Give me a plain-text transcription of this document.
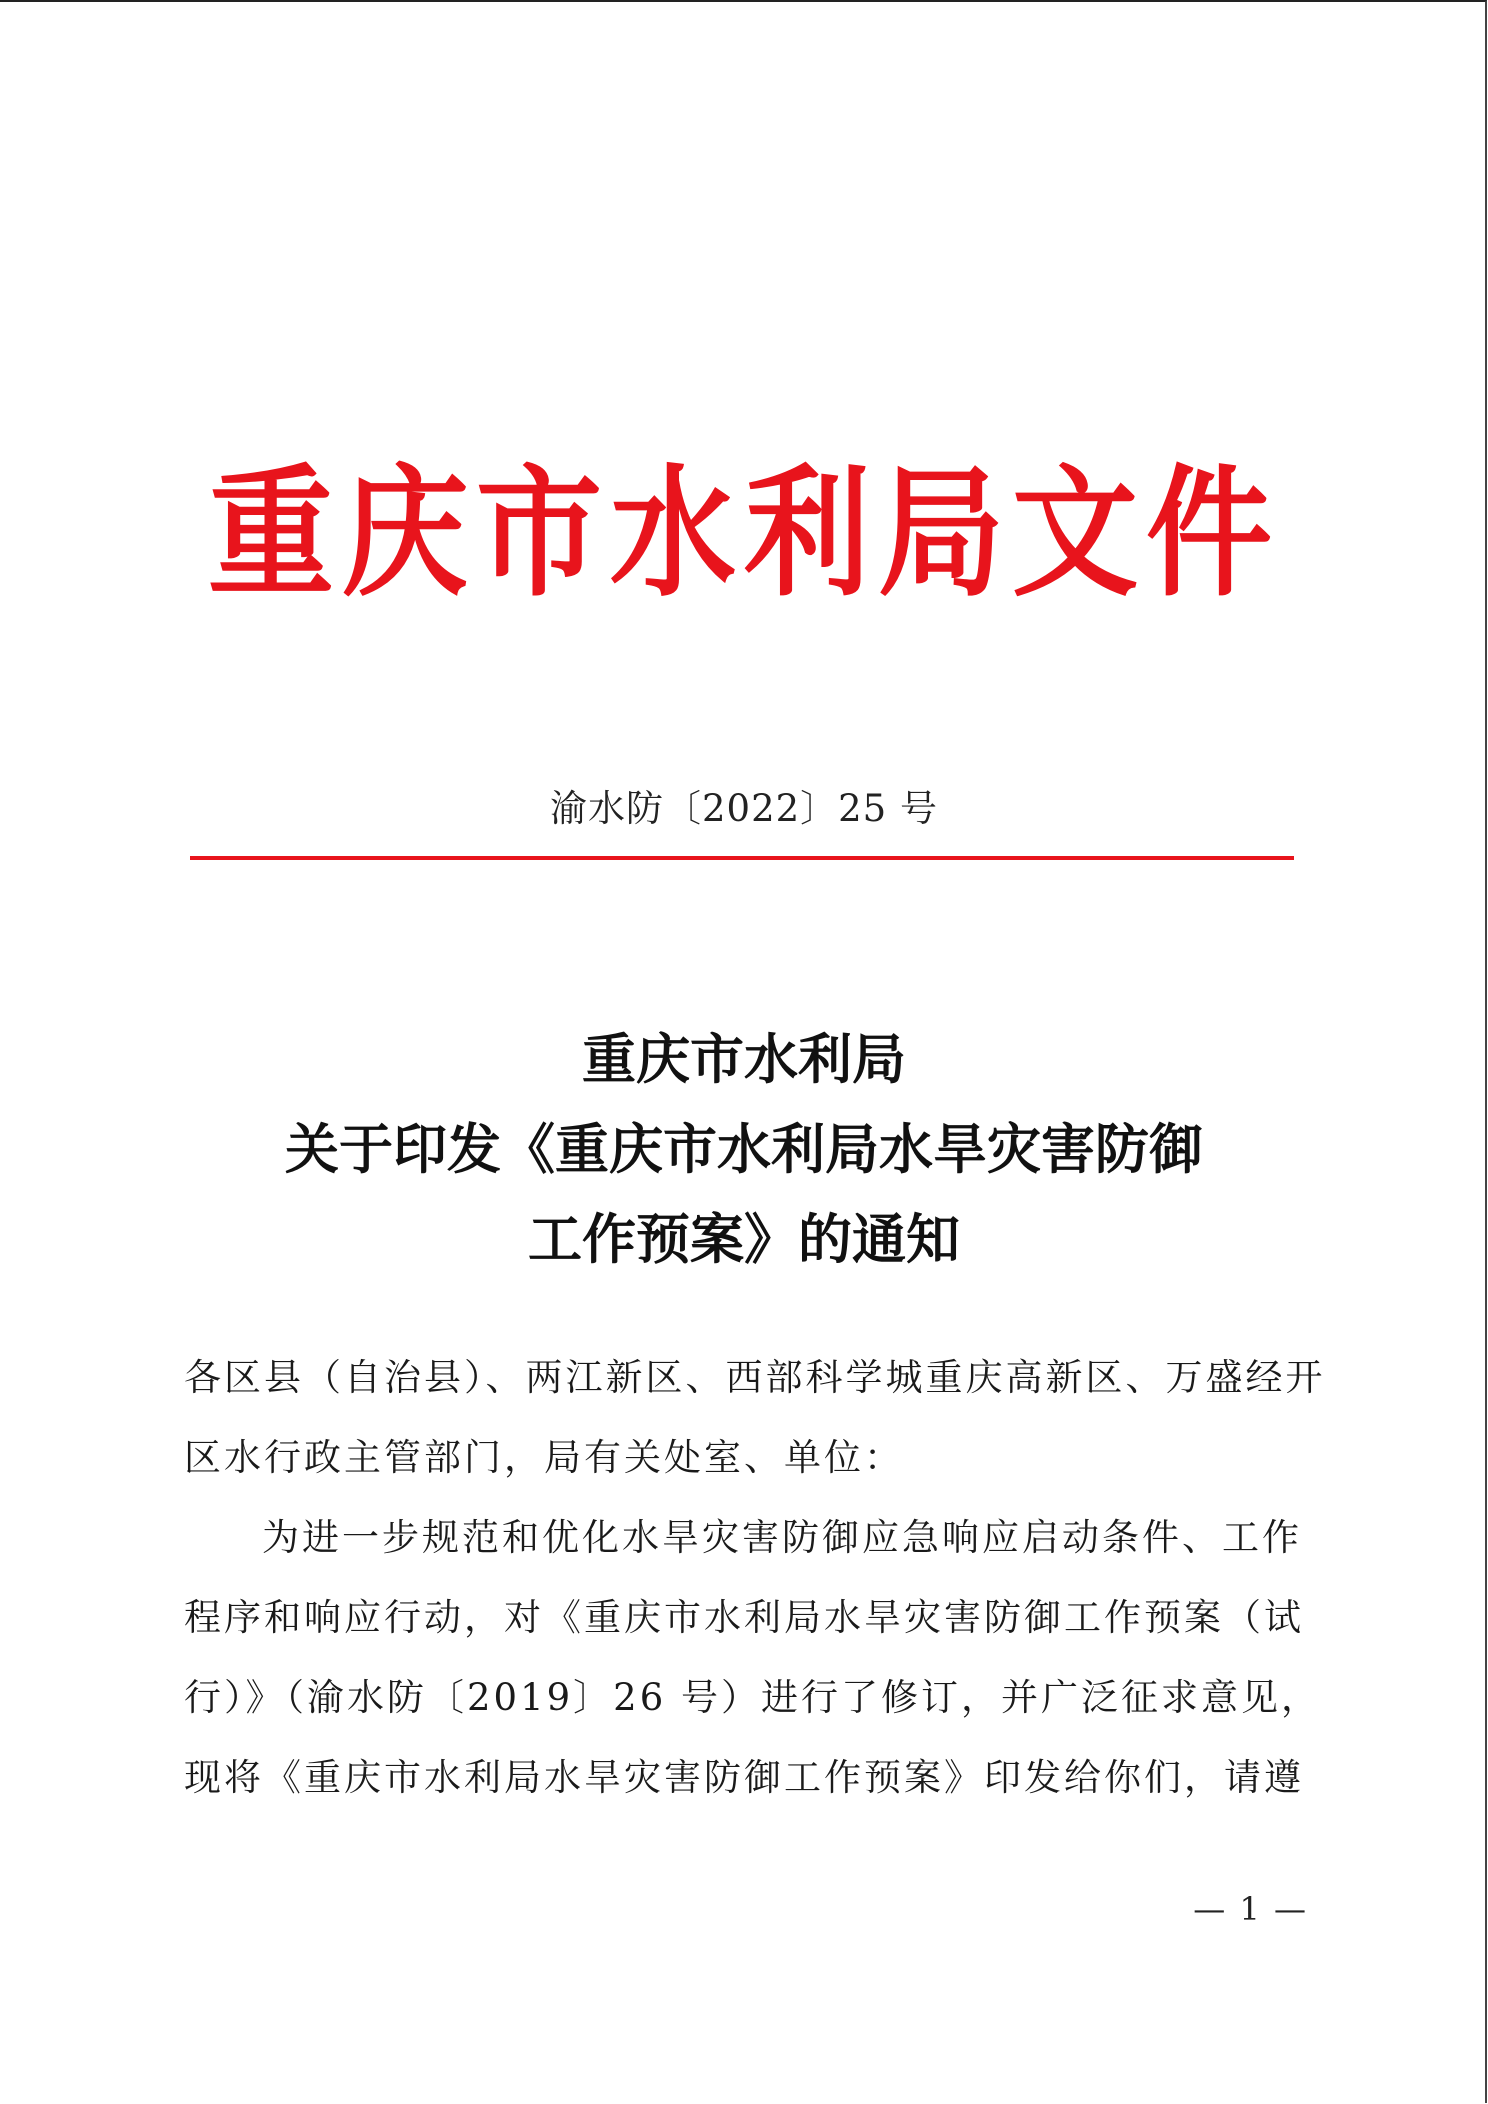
重庆市水利局文件
渝水防〔2022〕25 号
重庆市水利局
关于印发《重庆市水利局水旱灾害防御
工作预案》的通知

各区县（自治县）、两江新区、西部科学城重庆高新区、万盛经开

区水行政主管部门，局有关处室、单位：

为进一步规范和优化水旱灾害防御应急响应启动条件、工作

程序和响应行动，对《重庆市水利局水旱灾害防御工作预案（试

行）》（渝水防〔2019〕26 号）进行了修订，并广泛征求意见，

现将《重庆市水利局水旱灾害防御工作预案》印发给你们，请遵

— 1 —
